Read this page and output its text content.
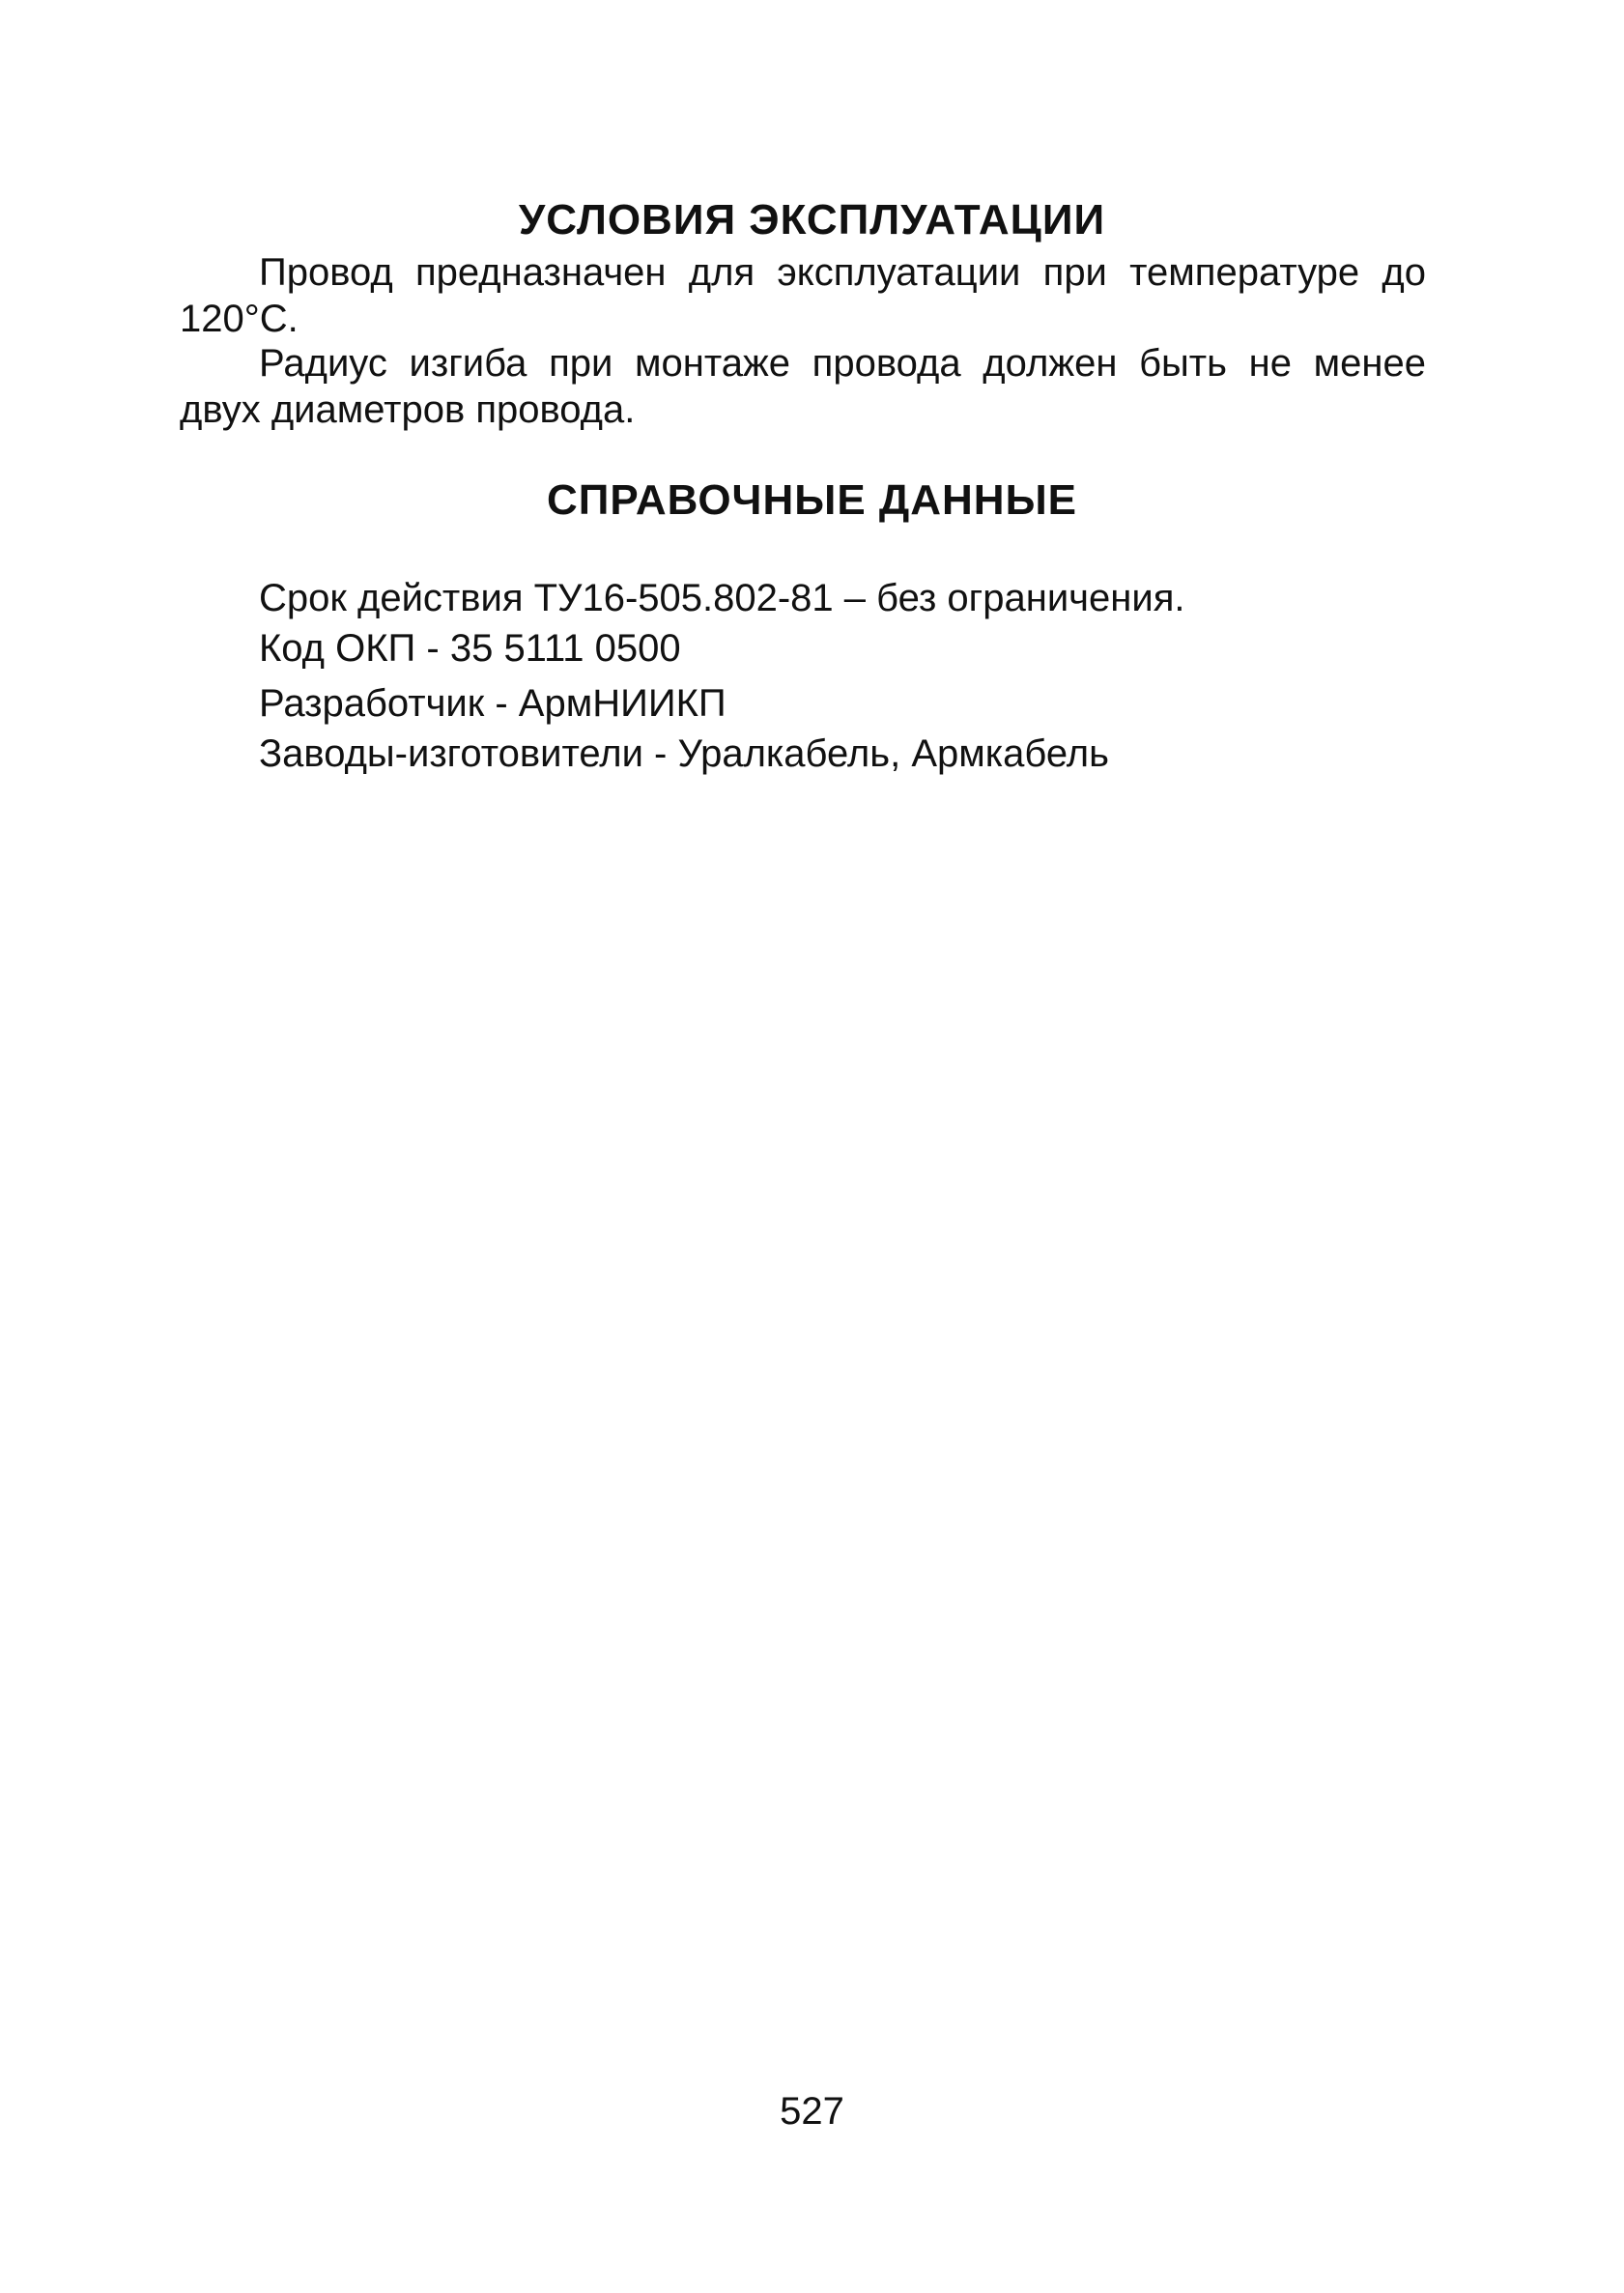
УСЛОВИЯ ЭКСПЛУАТАЦИИ

Провод предназначен для эксплуатации при температуре до 120°С.

Радиус изгиба при монтаже провода должен быть не менее двух диаметров провода.

СПРАВОЧНЫЕ ДАННЫЕ

Срок действия ТУ16-505.802-81 – без ограничения.

Код ОКП - 35 5111 0500

Разработчик - АрмНИИКП

Заводы-изготовители - Уралкабель, Армкабель

527
